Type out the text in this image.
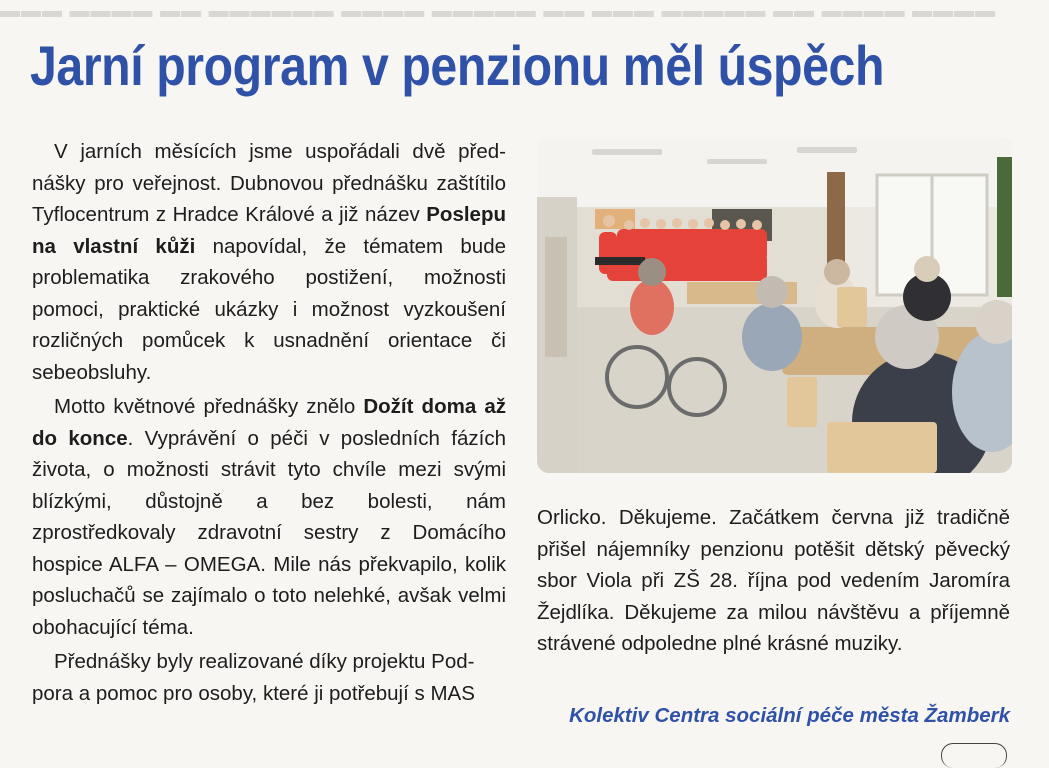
▬▬▬ ▬▬▬▬ ▬▬ ▬▬▬▬▬▬ ▬▬▬▬ ▬▬▬▬▬ ▬▬ ▬▬▬ ▬▬▬▬▬ ▬▬ ▬▬▬▬ ▬▬▬▬
Jarní program v penzionu měl úspěch

V jarních měsících jsme uspořádali dvě přednášky pro veřejnost. Dubnovou přednášku zaštítilo Tyflocentrum z Hradce Králové a již název Poslepu na vlastní kůži napovídal, že tématem bude problematika zrakového postižení, možnosti pomoci, praktické ukázky i možnost vyzkoušení rozličných pomůcek k usnadnění orientace či sebeobsluhy.

Motto květnové přednášky znělo Dožít doma až do konce. Vyprávění o péči v posledních fázích života, o možnosti strávit tyto chvíle mezi svými blízkými, důstojně a bez bolesti, nám zprostředkovaly zdravotní sestry z Domácího hospice ALFA – OMEGA. Mile nás překvapilo, kolik posluchačů se zajímalo o toto nelehké, avšak velmi obohacující téma.

Přednášky byly realizované díky projektu Podpora a pomoc pro osoby, které ji potřebují s MAS

Orlicko. Děkujeme. Začátkem června již tradičně přišel nájemníky penzionu potěšit dětský pěvecký sbor Viola při ZŠ 28. října pod vedením Jaromíra Žejdlíka. Děkujeme za milou návštěvu a příjemně strávené odpoledne plné krásné muziky.

Kolektiv Centra sociální péče města Žamberk
